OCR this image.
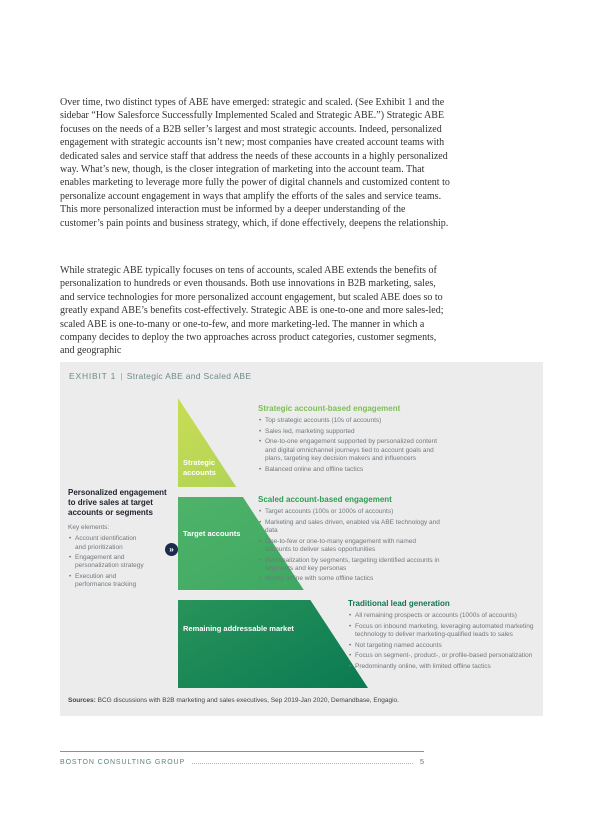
Over time, two distinct types of ABE have emerged: strategic and scaled. (See Exhibit 1 and the sidebar “How Salesforce Successfully Implemented Scaled and Strategic ABE.”) Strategic ABE focuses on the needs of a B2B seller’s largest and most strategic accounts. Indeed, personalized engagement with strategic accounts isn’t new; most companies have created account teams with dedicated sales and service staff that address the needs of these accounts in a highly personalized way. What’s new, though, is the closer integration of marketing into the account team. That enables marketing to leverage more fully the power of digital channels and customized content to personalize account engagement in ways that amplify the efforts of the sales and service teams. This more personalized interaction must be informed by a deeper understanding of the customer’s pain points and business strategy, which, if done effectively, deepens the relationship.

While strategic ABE typically focuses on tens of accounts, scaled ABE extends the benefits of personalization to hundreds or even thousands. Both use innovations in B2B marketing, sales, and service technologies for more personalized account engagement, but scaled ABE does so to greatly expand ABE’s benefits cost-effectively. Strategic ABE is one-to-one and more sales-led; scaled ABE is one-to-many or one-to-few, and more marketing-led. The manner in which a company decides to deploy the two approaches across product categories, customer segments, and geographic

EXHIBIT 1 | Strategic ABE and Scaled ABE
Personalized engagement to drive sales at target accounts or segments
Key elements:
• Account identification and prioritization
• Engagement and personalization strategy
• Execution and performance tracking
»
Strategic accounts
Target accounts
Remaining addressable market
Strategic account-based engagement
• Top strategic accounts (10s of accounts)
• Sales led, marketing supported
• One-to-one engagement supported by personalized content and digital omnichannel journeys tied to account goals and plans, targeting key decision makers and influencers
• Balanced online and offline tactics
Scaled account-based engagement
• Target accounts (100s or 1000s of accounts)
• Marketing and sales driven, enabled via ABE technology and data
• One-to-few or one-to-many engagement with named accounts to deliver sales opportunities
• Personalization by segments, targeting identified accounts in segments and key personas
• Mostly online with some offline tactics
Traditional lead generation
• All remaining prospects or accounts (1000s of accounts)
• Focus on inbound marketing, leveraging automated marketing technology to deliver marketing-qualified leads to sales
• Not targeting named accounts
• Focus on segment-, product-, or profile-based personalization
• Predominantly online, with limited offline tactics
Sources: BCG discussions with B2B marketing and sales executives, Sep 2019-Jan 2020, Demandbase, Engagio.
BOSTON CONSULTING GROUP	5
